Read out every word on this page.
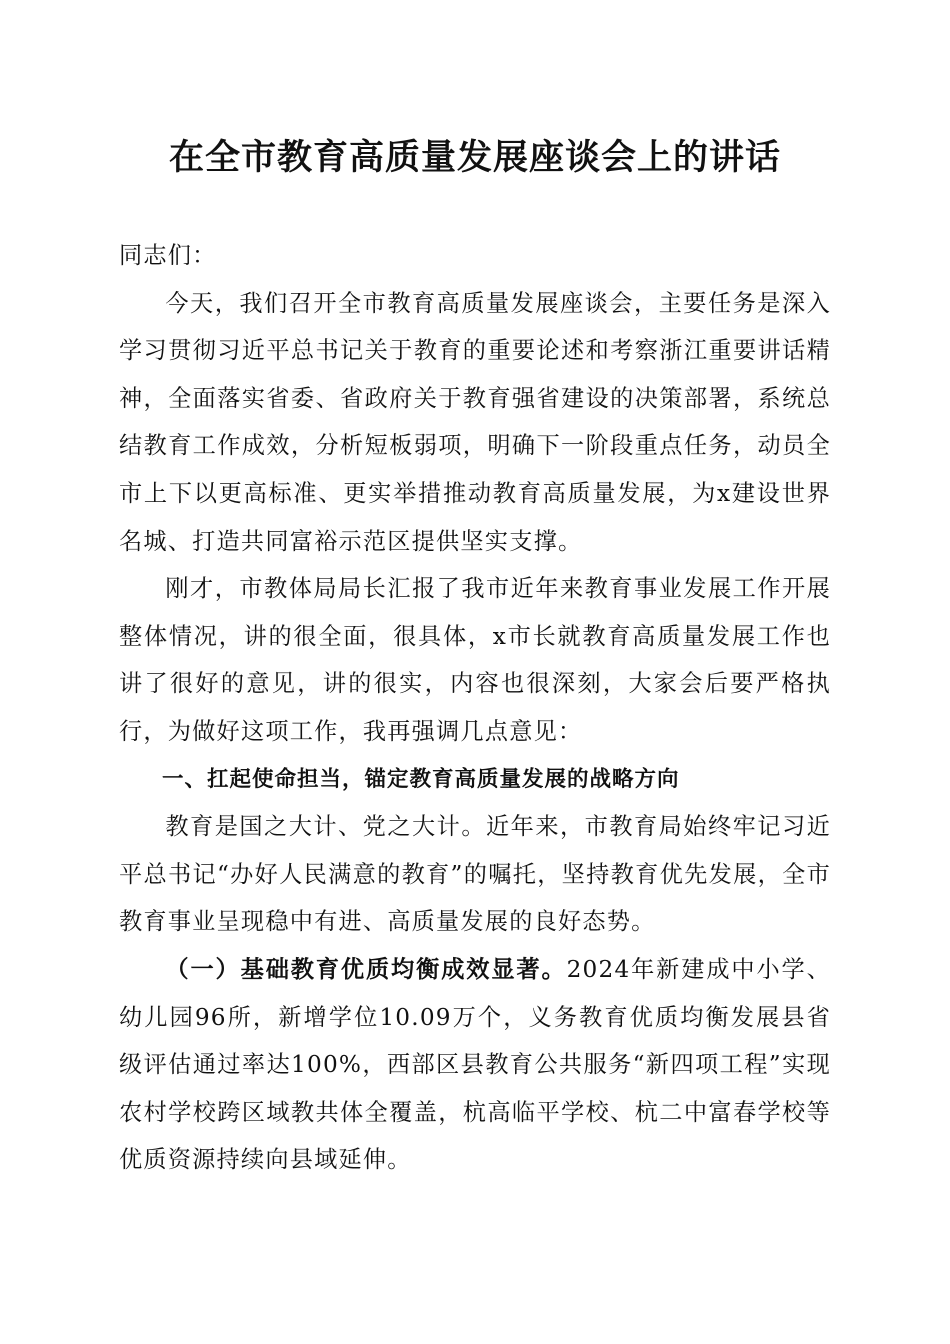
在全市教育高质量发展座谈会上的讲话

同志们：

今天，我们召开全市教育高质量发展座谈会，主要任务是深入学习贯彻习近平总书记关于教育的重要论述和考察浙江重要讲话精神，全面落实省委、省政府关于教育强省建设的决策部署，系统总结教育工作成效，分析短板弱项，明确下一阶段重点任务，动员全市上下以更高标准、更实举措推动教育高质量发展，为x建设世界名城、打造共同富裕示范区提供坚实支撑。

刚才，市教体局局长汇报了我市近年来教育事业发展工作开展整体情况，讲的很全面，很具体，x市长就教育高质量发展工作也讲了很好的意见，讲的很实，内容也很深刻，大家会后要严格执行，为做好这项工作，我再强调几点意见：

一、扛起使命担当，锚定教育高质量发展的战略方向

教育是国之大计、党之大计。近年来，市教育局始终牢记习近平总书记“办好人民满意的教育”的嘱托，坚持教育优先发展，全市教育事业呈现稳中有进、高质量发展的良好态势。

（一）基础教育优质均衡成效显著。2024年新建成中小学、幼儿园96所，新增学位10.09万个，义务教育优质均衡发展县省级评估通过率达100%，西部区县教育公共服务“新四项工程”实现农村学校跨区域教共体全覆盖，杭高临平学校、杭二中富春学校等优质资源持续向县域延伸。
